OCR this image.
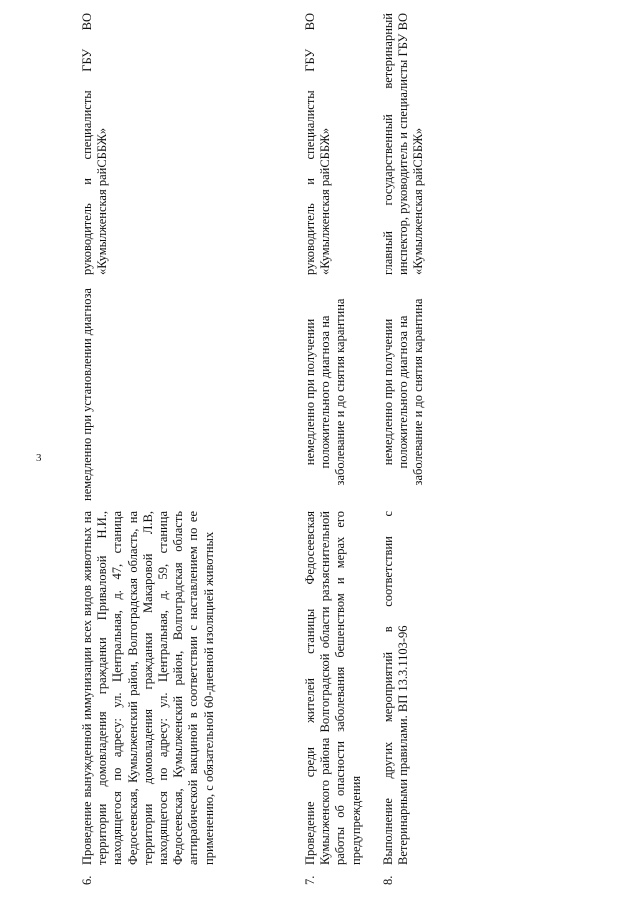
3
6.
Проведение вынужденной иммунизации всех видов животных на территории домовладения гражданки Приваловой Н.И., находящегося по адресу: ул. Центральная, д. 47, станица Федосеевская, Кумылженский район, Волгоградская область, на территории домовладения гражданки Макаровой Л.В, находящегося по адресу: ул. Центральная, д. 59, станица Федосеевская, Кумылженский район, Волгоградская область антирабической вакциной в соответствии с наставлением по ее применению, с обязательной 60-дневной изоляцией животных
немедленно при установлении диагноза
руководитель и специалисты ГБУ ВО «Кумылженская райСББЖ»
7.
Проведение среди жителей станицы Федосеевская Кумылженского района Волгоградской области разъяснительной работы об опасности заболевания бешенством и мерах его предупреждения
немедленно при получении положительного диагноза на заболевание и до снятия карантина
руководитель и специалисты ГБУ ВО «Кумылженская райСББЖ»
8.
Выполнение других мероприятий в соответствии с Ветеринарными правилами. ВП 13.3.1103-96
немедленно при получении положительного диагноза на заболевание и до снятия карантина
главный государственный ветеринарный инспектор, руководитель и специалисты ГБУ ВО «Кумылженская райСББЖ»
